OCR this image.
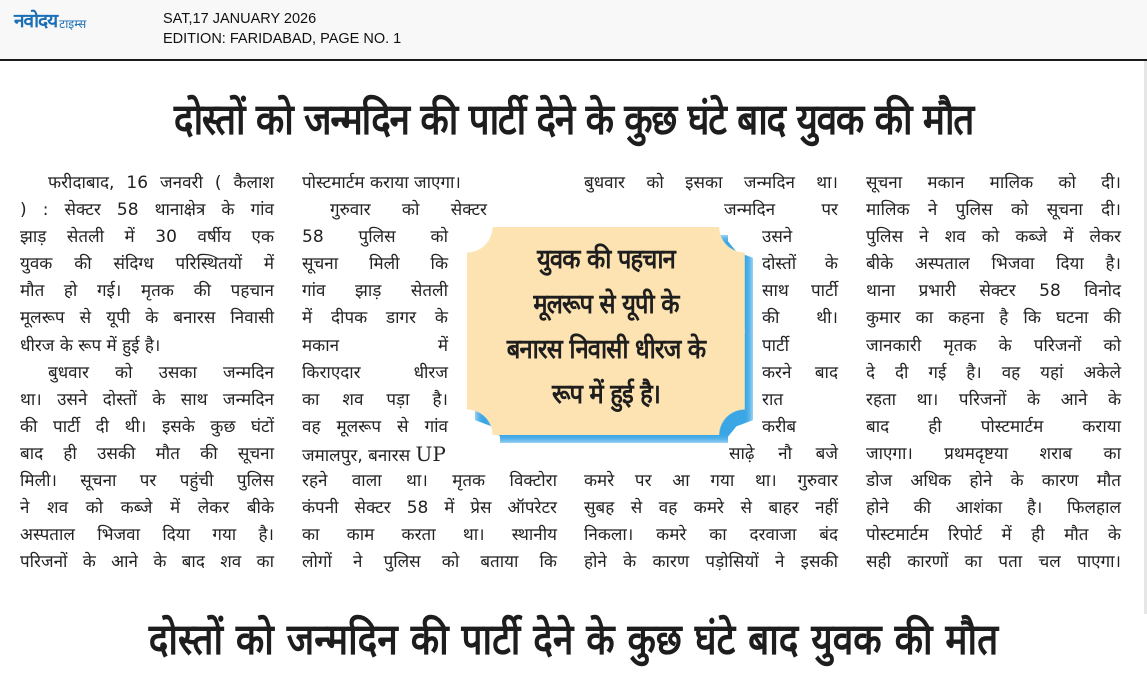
नवोदय टाइम्स	SAT,17 JANUARY 2026
EDITION: FARIDABAD, PAGE NO. 1
दोस्तों को जन्मदिन की पार्टी देने के कुछ घंटे बाद युवक की मौत
फरीदाबाद, 16 जनवरी ( कैलाश
) : सेक्टर 58 थानाक्षेत्र के गांव
झाड़ सेतली में 30 वर्षीय एक
युवक की संदिग्ध परिस्थितयों में
मौत हो गई। मृतक की पहचान
मूलरूप से यूपी के बनारस निवासी
धीरज के रूप में हुई है।
बुधवार को उसका जन्मदिन
था। उसने दोस्तों के साथ जन्मदिन
की पार्टी दी थी। इसके कुछ घंटों
बाद ही उसकी मौत की सूचना
मिली। सूचना पर पहुंची पुलिस
ने शव को कब्जे में लेकर बीके
अस्पताल भिजवा दिया गया है।
परिजनों के आने के बाद शव का
पोस्टमार्टम कराया जाएगा।
गुरुवार को सेक्टर
58 पुलिस को
सूचना मिली कि
गांव झाड़ सेतली
में दीपक डागर के
मकान में
किराएदार धीरज
का शव पड़ा है।
वह मूलरूप से गांव
जमालपुर, बनारस UP
रहने वाला था। मृतक विक्टोरा
कंपनी सेक्टर 58 में प्रेस ऑपरेटर
का काम करता था। स्थानीय
लोगों ने पुलिस को बताया कि
बुधवार को इसका जन्मदिन था।
जन्मदिन पर
उसने
दोस्तों के
साथ पार्टी
की थी।
पार्टी
करने बाद
रात
करीब
साढ़े नौ बजे
कमरे पर आ गया था। गुरुवार
सुबह से वह कमरे से बाहर नहीं
निकला। कमरे का दरवाजा बंद
होने के कारण पड़ोसियों ने इसकी
सूचना मकान मालिक को दी।
मालिक ने पुलिस को सूचना दी।
पुलिस ने शव को कब्जे में लेकर
बीके अस्पताल भिजवा दिया है।
थाना प्रभारी सेक्टर 58 विनोद
कुमार का कहना है कि घटना की
जानकारी मृतक के परिजनों को
दे दी गई है। वह यहां अकेले
रहता था। परिजनों के आने के
बाद ही पोस्टमार्टम कराया
जाएगा। प्रथमदृष्टया शराब का
डोज अधिक होने के कारण मौत
होने की आशंका है। फिलहाल
पोस्टमार्टम रिपोर्ट में ही मौत के
सही कारणों का पता चल पाएगा।
युवक की पहचान
मूलरूप से यूपी के
बनारस निवासी धीरज के
रूप में हुई है।
दोस्तों को जन्मदिन की पार्टी देने के कुछ घंटे बाद युवक की मौत
